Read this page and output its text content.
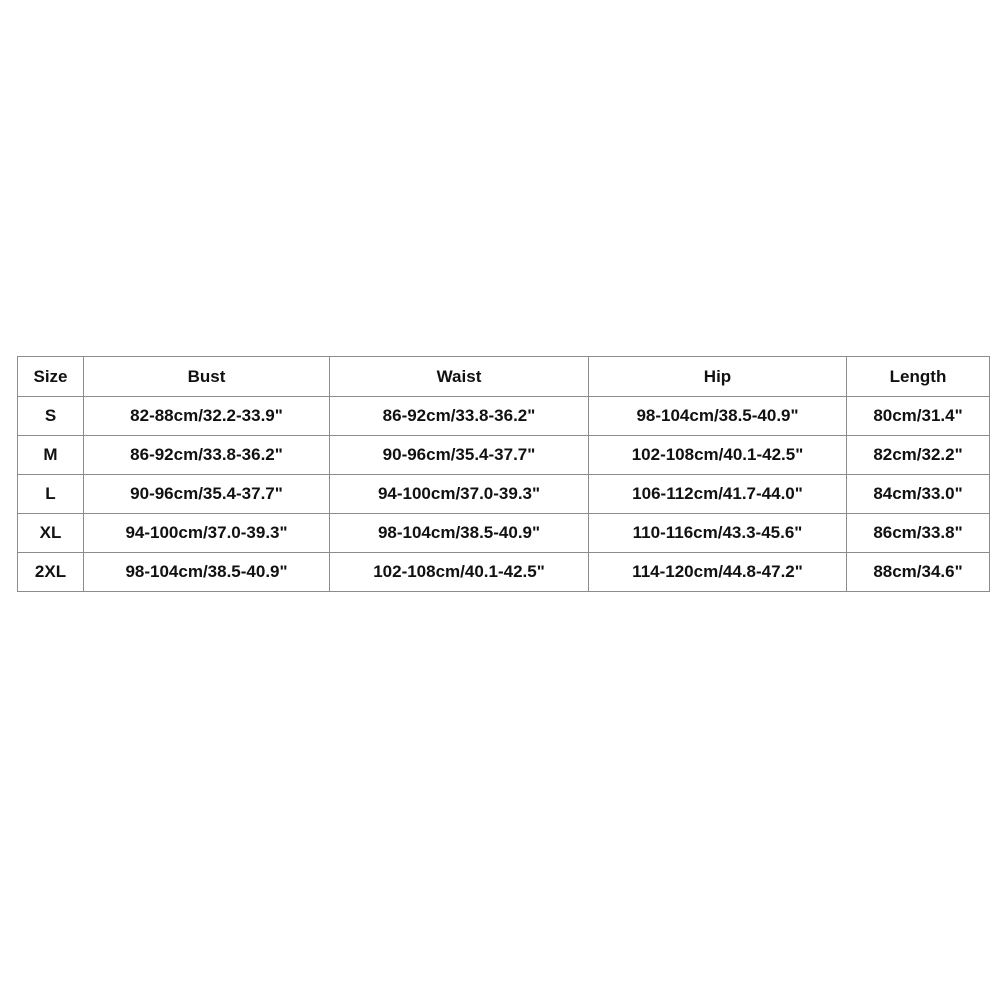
Size	Bust	Waist	Hip	Length
S	82-88cm/32.2-33.9"	86-92cm/33.8-36.2"	98-104cm/38.5-40.9"	80cm/31.4"
M	86-92cm/33.8-36.2"	90-96cm/35.4-37.7"	102-108cm/40.1-42.5"	82cm/32.2"
L	90-96cm/35.4-37.7"	94-100cm/37.0-39.3"	106-112cm/41.7-44.0"	84cm/33.0"
XL	94-100cm/37.0-39.3"	98-104cm/38.5-40.9"	110-116cm/43.3-45.6"	86cm/33.8"
2XL	98-104cm/38.5-40.9"	102-108cm/40.1-42.5"	114-120cm/44.8-47.2"	88cm/34.6"
